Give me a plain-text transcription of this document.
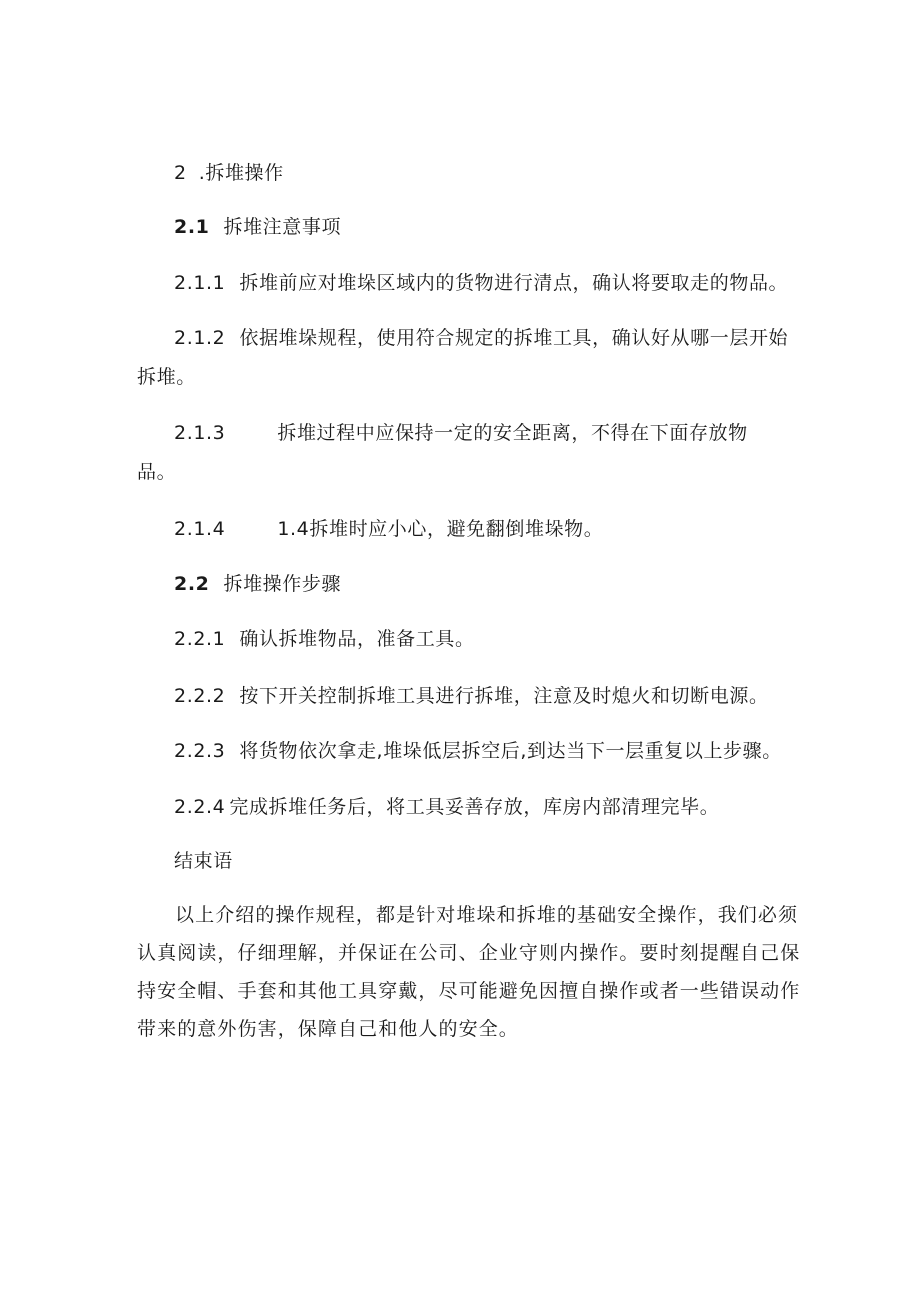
2 .拆堆操作
2.1 拆堆注意事项
2.1.1 拆堆前应对堆垛区域内的货物进行清点，确认将要取走的物品。
2.1.2 依据堆垛规程，使用符合规定的拆堆工具，确认好从哪一层开始
拆堆。
2.1.3	拆堆过程中应保持一定的安全距离，不得在下面存放物
品。
2.1.4	1.4拆堆时应小心，避免翻倒堆垛物。
2.2 拆堆操作步骤
2.2.1 确认拆堆物品，准备工具。
2.2.2 按下开关控制拆堆工具进行拆堆，注意及时熄火和切断电源。
2.2.3 将货物依次拿走,堆垛低层拆空后,到达当下一层重复以上步骤。
2.2.4 完成拆堆任务后，将工具妥善存放，库房内部清理完毕。
结束语
以上介绍的操作规程，都是针对堆垛和拆堆的基础安全操作，我们必须认真阅读，仔细理解，并保证在公司、企业守则内操作。要时刻提醒自己保持安全帽、手套和其他工具穿戴，尽可能避免因擅自操作或者一些错误动作带来的意外伤害，保障自己和他人的安全。
